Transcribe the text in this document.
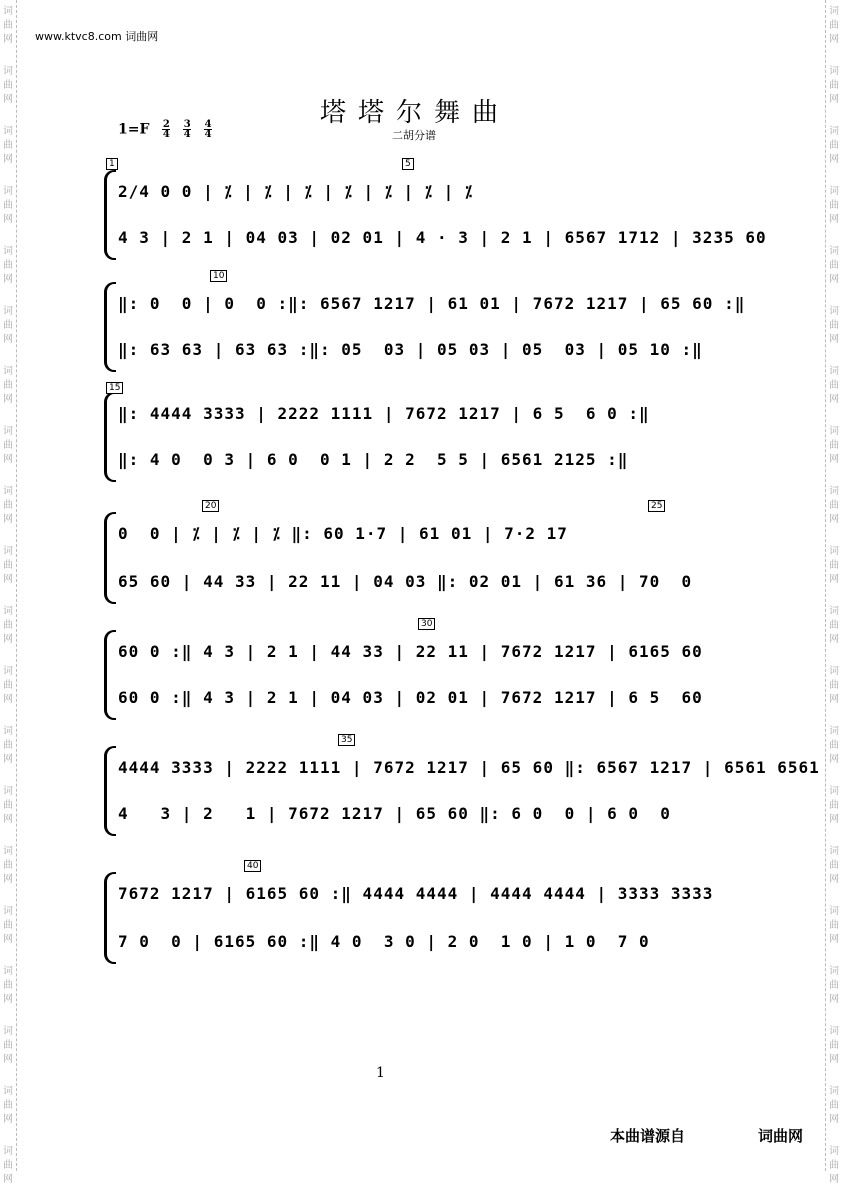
词
曲
网
词
曲
网
词
曲
网
词
曲
网
词
曲
网
词
曲
网
词
曲
网
词
曲
网
词
曲
网
词
曲
网
词
曲
网
词
曲
网
词
曲
网
词
曲
网
词
曲
网
词
曲
网
词
曲
网
词
曲
网
词
曲
网
词
曲
网
词
曲
网
词
曲
网
词
曲
网
词
曲
网
词
曲
网
词
曲
网
词
曲
网
词
曲
网
词
曲
网
词
曲
网
词
曲
网
词
曲
网
词
曲
网
词
曲
网
词
曲
网
词
曲
网
词
曲
网
词
曲
网
词
曲
网
词
曲
网
www.ktvc8.com 词曲网
塔塔尔舞曲
二胡分谱
$1=F \frac{2}{4} \frac{3}{4} \frac{4}{4}$
1	5
2/4 0 0 | ⁒ | ⁒ | ⁒ | ⁒ | ⁒ | ⁒ | ⁒
4 3 | 2 1 | 04 03 | 02 01 | 4 · 3 | 2 1 | 6567 1712 | 3235 60
10
‖: 0  0 | 0  0 :‖: 6567 1217 | 61 01 | 7672 1217 | 65 60 :‖
‖: 63 63 | 63 63 :‖: 05  03 | 05 03 | 05  03 | 05 10 :‖
15
‖: 4444 3333 | 2222 1111 | 7672 1217 | 6 5  6 0 :‖
‖: 4 0  0 3 | 6 0  0 1 | 2 2  5 5 | 6561 2125 :‖
20	25
0  0 | ⁒ | ⁒ | ⁒ ‖: 60 1·7 | 61 01 | 7·2 17
65 60 | 44 33 | 22 11 | 04 03 ‖: 02 01 | 61 36 | 70  0
30
60 0 :‖ 4 3 | 2 1 | 44 33 | 22 11 | 7672 1217 | 6165 60
60 0 :‖ 4 3 | 2 1 | 04 03 | 02 01 | 7672 1217 | 6 5  60
35
4444 3333 | 2222 1111 | 7672 1217 | 65 60 ‖: 6567 1217 | 6561 6561
4   3 | 2   1 | 7672 1217 | 65 60 ‖: 6 0  0 | 6 0  0
40
7672 1217 | 6165 60 :‖ 4444 4444 | 4444 4444 | 3333 3333
7 0  0 | 6165 60 :‖ 4 0  3 0 | 2 0  1 0 | 1 0  7 0
1
本曲谱源自	词曲网
